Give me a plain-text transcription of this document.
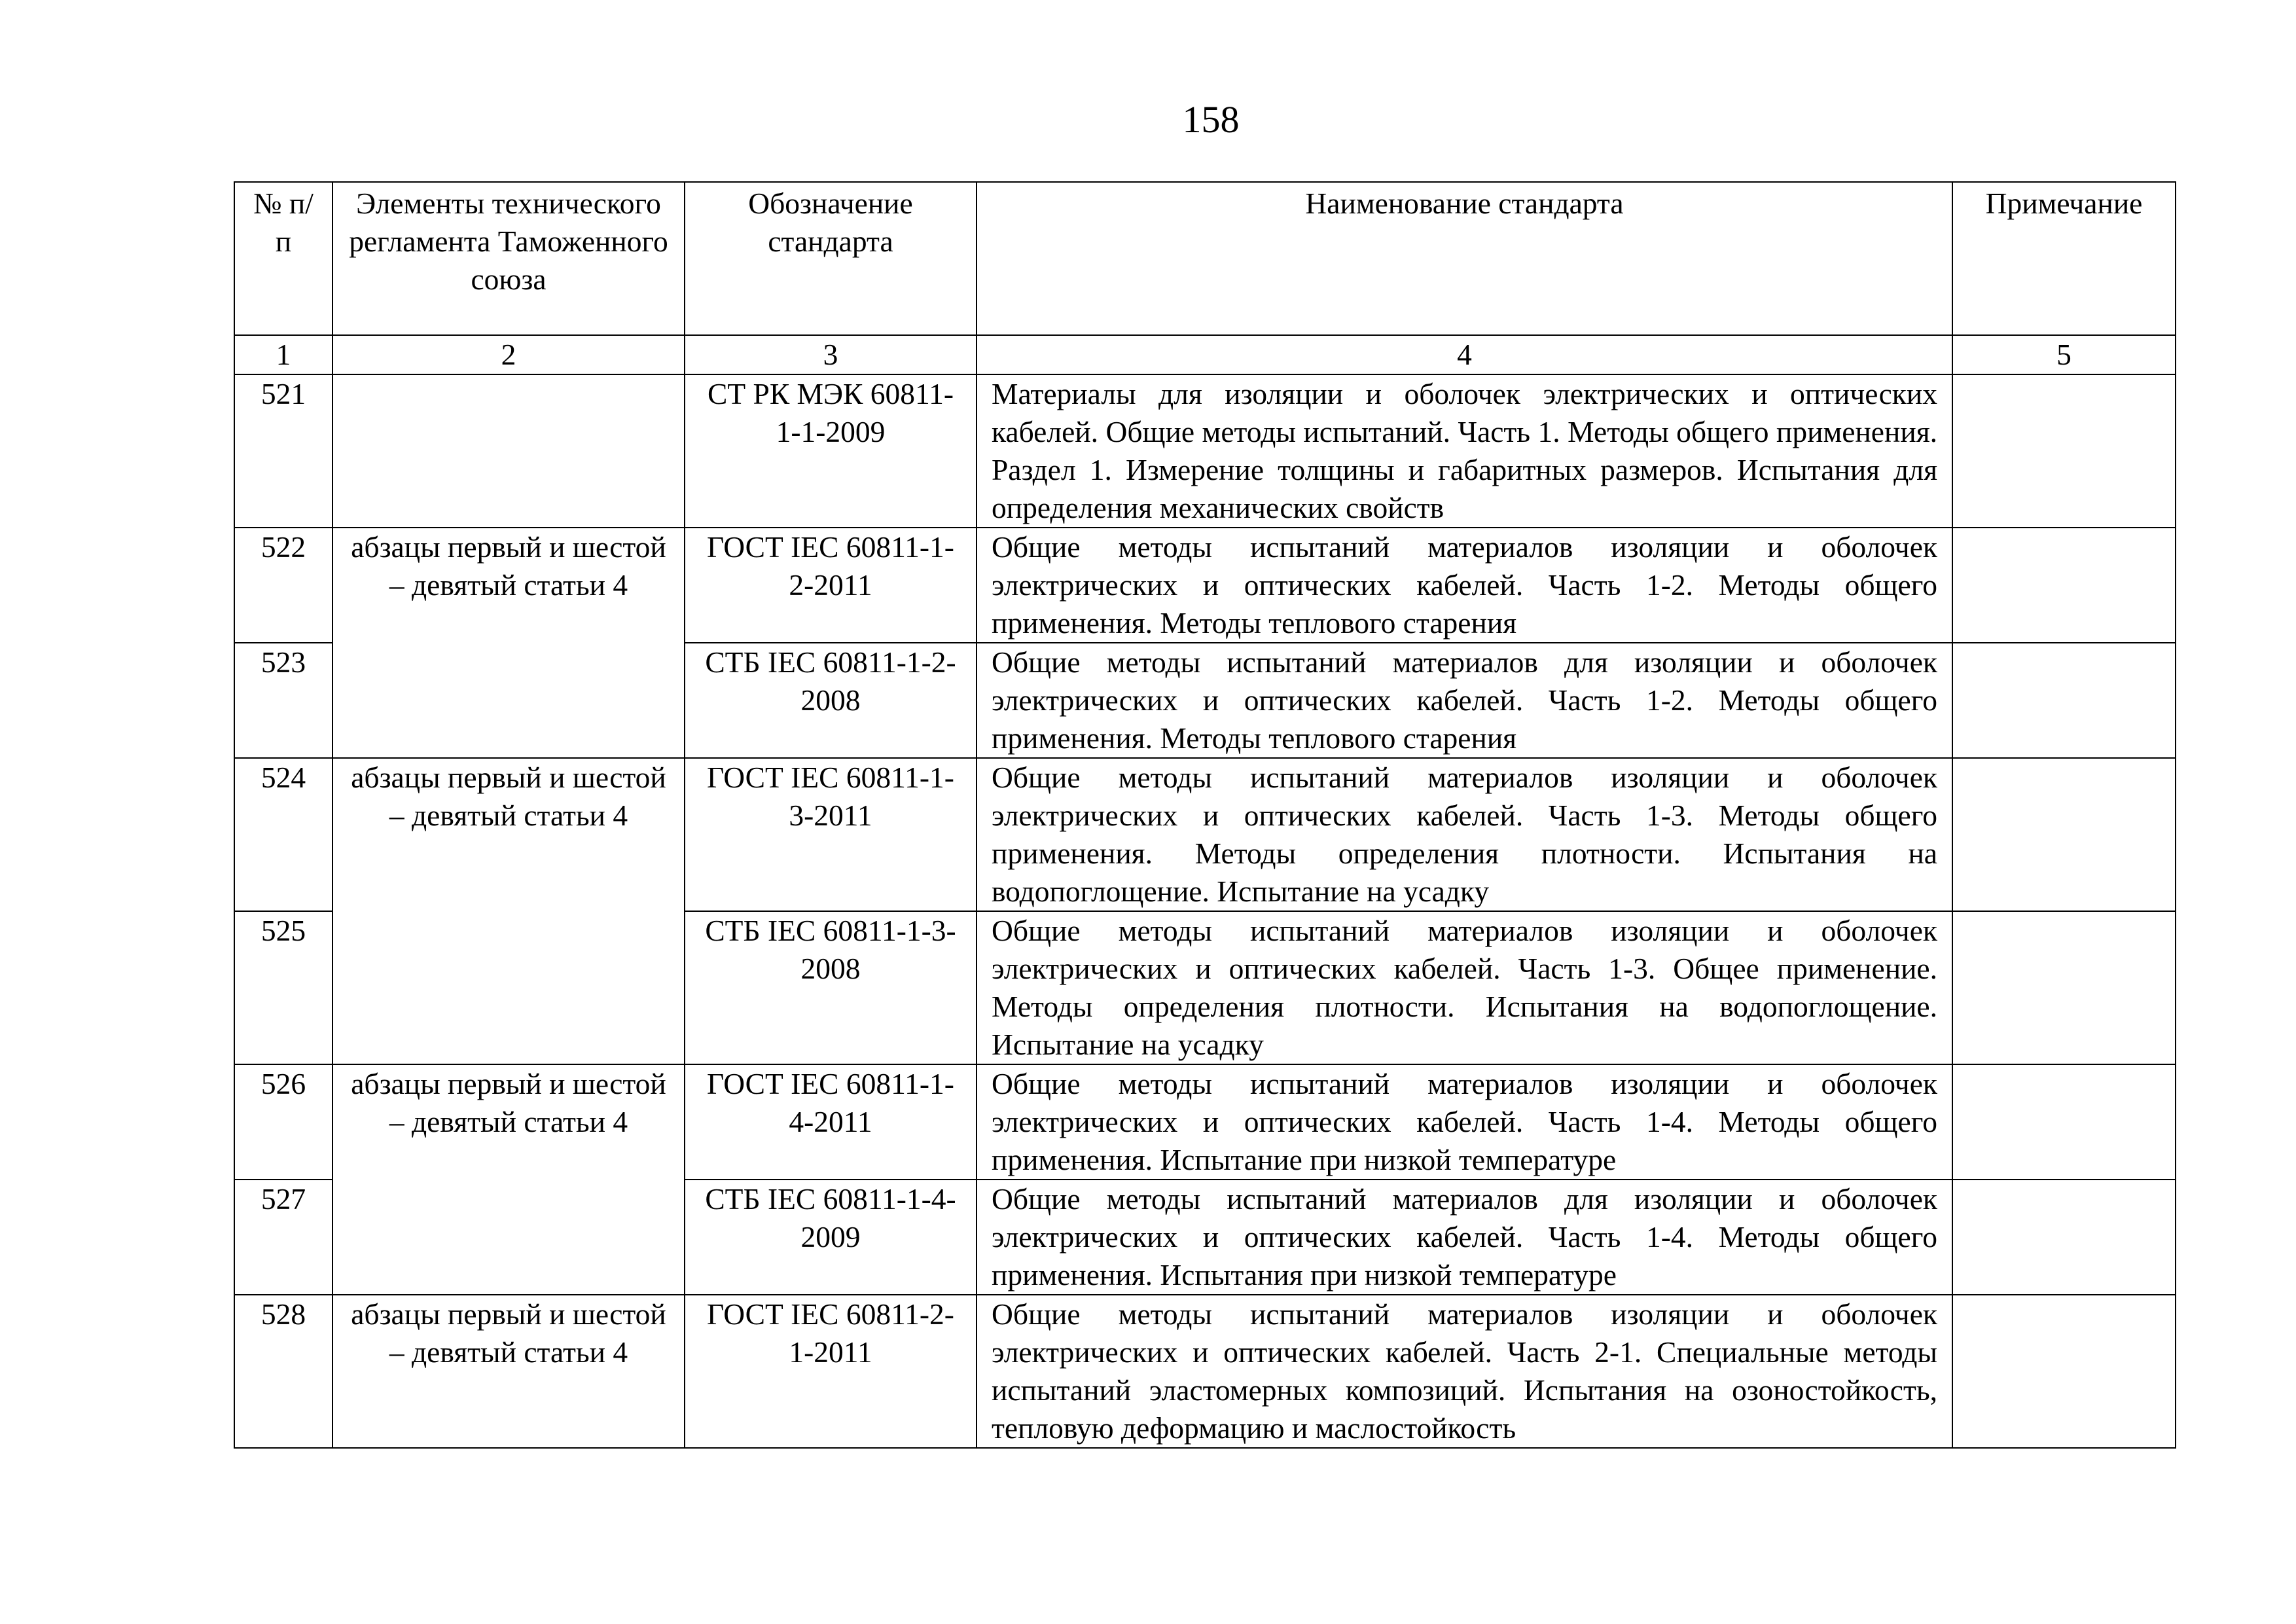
158
№ п/п	Элементы технического регламента Таможенного союза	Обозначение стандарта	Наименование стандарта	Примечание
1	2	3	4	5
521		СТ РК МЭК 60811-1-1-2009	Материалы для изоляции и оболочек электрических и оптических кабелей. Общие методы испытаний. Часть 1. Методы общего применения. Раздел 1. Измерение толщины и габаритных размеров. Испытания для определения механических свойств	
522	абзацы первый и шестой – девятый статьи 4	ГОСТ IEC 60811-1-2-2011	Общие методы испытаний материалов изоляции и оболочек электрических и оптических кабелей. Часть 1-2. Методы общего применения. Методы теплового старения	
523		СТБ IEC 60811-1-2-2008	Общие методы испытаний материалов для изоляции и оболочек электрических и оптических кабелей. Часть 1-2. Методы общего применения. Методы теплового старения	
524	абзацы первый и шестой – девятый статьи 4	ГОСТ IEC 60811-1-3-2011	Общие методы испытаний материалов изоляции и оболочек электрических и оптических кабелей. Часть 1-3. Методы общего применения. Методы определения плотности. Испытания на водопоглощение. Испытание на усадку	
525		СТБ IEC 60811-1-3-2008	Общие методы испытаний материалов изоляции и оболочек электрических и оптических кабелей. Часть 1-3. Общее применение. Методы определения плотности. Испытания на водопоглощение. Испытание на усадку	
526	абзацы первый и шестой – девятый статьи 4	ГОСТ IEC 60811-1-4-2011	Общие методы испытаний материалов изоляции и оболочек электрических и оптических кабелей. Часть 1-4. Методы общего применения. Испытание при низкой температуре	
527		СТБ IEC 60811-1-4-2009	Общие методы испытаний материалов для изоляции и оболочек электрических и оптических кабелей. Часть 1-4. Методы общего применения. Испытания при низкой температуре	
528	абзацы первый и шестой – девятый статьи 4	ГОСТ IEC 60811-2-1-2011	Общие методы испытаний материалов изоляции и оболочек электрических и оптических кабелей. Часть 2-1. Специальные методы испытаний эластомерных композиций. Испытания на озоностойкость, тепловую деформацию и маслостойкость	
